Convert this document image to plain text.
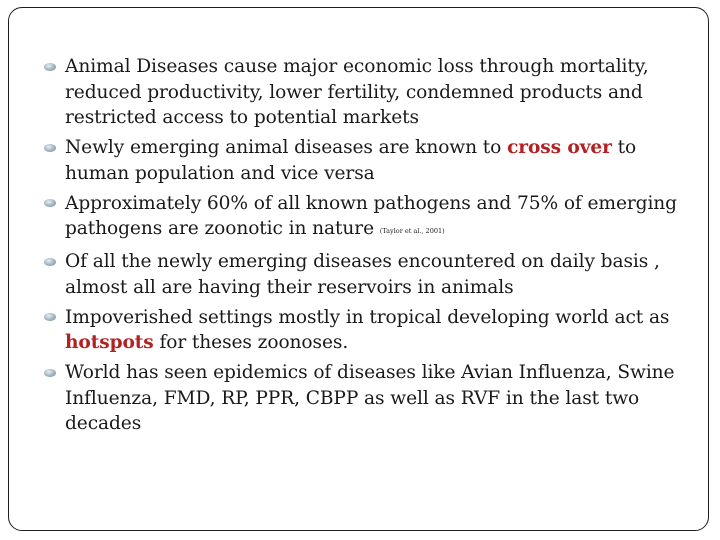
Animal Diseases cause major economic loss through mortality, reduced productivity, lower fertility, condemned products and restricted access to potential markets
Newly emerging animal diseases are known to cross over to human population and vice versa
Approximately 60% of all known pathogens and 75% of emerging pathogens are zoonotic in nature (Taylor et al., 2001)
Of all the newly emerging diseases encountered on daily basis , almost all are having their reservoirs in animals
Impoverished settings mostly in tropical developing world act as hotspots for theses zoonoses.
World has seen epidemics of diseases like Avian Influenza, Swine Influenza, FMD, RP, PPR, CBPP as well as RVF in the last two decades
